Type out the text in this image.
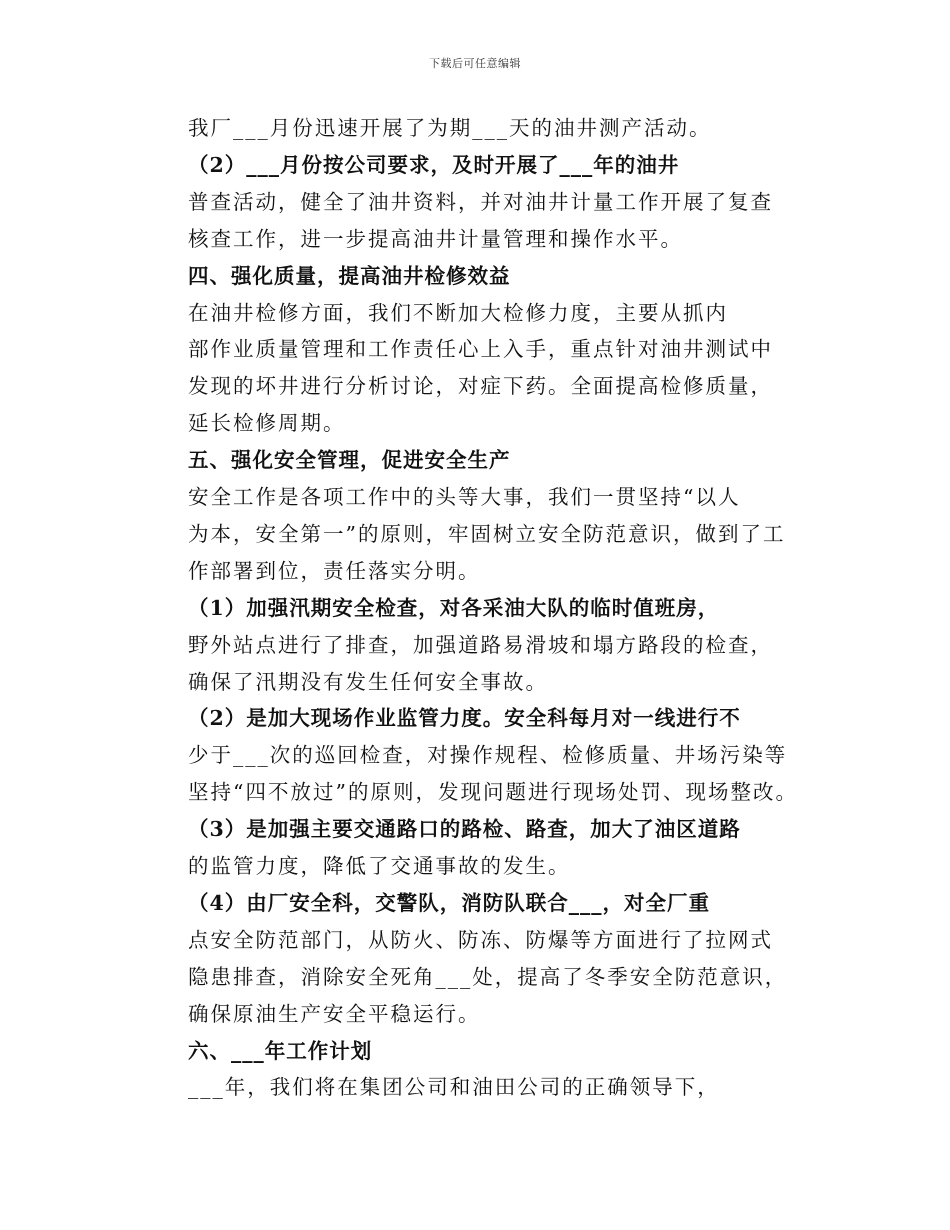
下载后可任意编辑
我厂___月份迅速开展了为期___天的油井测产活动。
（2）___月份按公司要求，及时开展了___年的油井
普查活动，健全了油井资料，并对油井计量工作开展了复查
核查工作，进一步提高油井计量管理和操作水平。
四、强化质量，提高油井检修效益
在油井检修方面，我们不断加大检修力度，主要从抓内
部作业质量管理和工作责任心上入手，重点针对油井测试中
发现的坏井进行分析讨论，对症下药。全面提高检修质量，
延长检修周期。
五、强化安全管理，促进安全生产
安全工作是各项工作中的头等大事，我们一贯坚持“以人
为本，安全第一”的原则，牢固树立安全防范意识，做到了工
作部署到位，责任落实分明。
（1）加强汛期安全检查，对各采油大队的临时值班房，
野外站点进行了排查，加强道路易滑坡和塌方路段的检查，
确保了汛期没有发生任何安全事故。
（2）是加大现场作业监管力度。安全科每月对一线进行不
少于___次的巡回检查，对操作规程、检修质量、井场污染等
坚持“四不放过”的原则，发现问题进行现场处罚、现场整改。
（3）是加强主要交通路口的路检、路查，加大了油区道路
的监管力度，降低了交通事故的发生。
（4）由厂安全科，交警队，消防队联合___，对全厂重
点安全防范部门，从防火、防冻、防爆等方面进行了拉网式
隐患排查，消除安全死角___处，提高了冬季安全防范意识，
确保原油生产安全平稳运行。
六、___年工作计划
___年，我们将在集团公司和油田公司的正确领导下，
